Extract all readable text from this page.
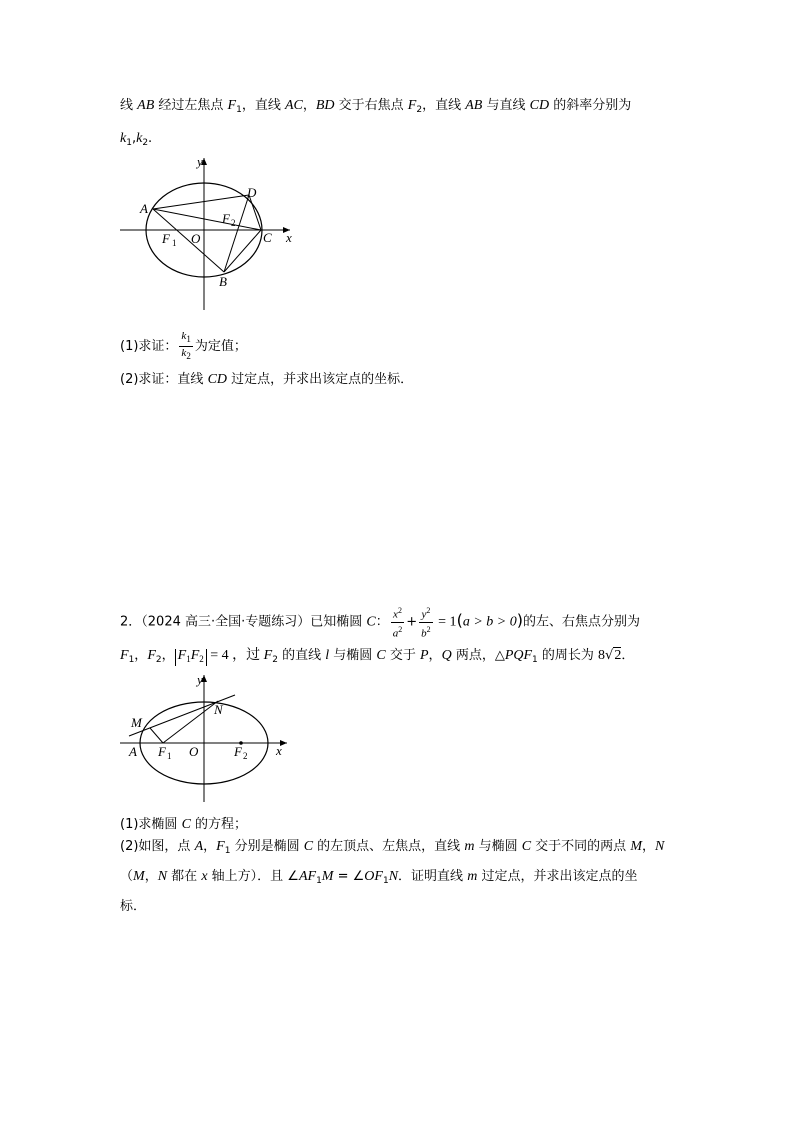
线 AB 经过左焦点 $F_1$，直线 AC，BD 交于右焦点 $F_2$，直线 AB 与直线 CD 的斜率分别为
$k_1,k_2$.
y
x
O
A
B
C
D
F 1
F 2
(1)求证： $\frac{k_1}{k_2}$ 为定值；
(2)求证：直线 CD 过定点，并求出该定点的坐标．
2．（2024 高三·全国·专题练习）已知椭圆 C： $\frac{x^2}{a^2} + \frac{y^2}{b^2} = 1(a > b > 0)$的左、右焦点分别为
$F_1$，$F_2$， $F_1F_2 = 4$ ，过 $F_2$ 的直线 l 与椭圆 C 交于 P，Q 两点，$\triangle PQF_1$ 的周长为 8√2．
y
x
O
A
M
N
F 1	F 2
(1)求椭圆 C 的方程；
(2)如图，点 A，$F_1$ 分别是椭圆 C 的左顶点、左焦点，直线 m 与椭圆 C 交于不同的两点 M，N
（M，N 都在 x 轴上方）．且 $\angle AF_1M$ = $\angle OF_1N$．证明直线 m 过定点，并求出该定点的坐
标．
